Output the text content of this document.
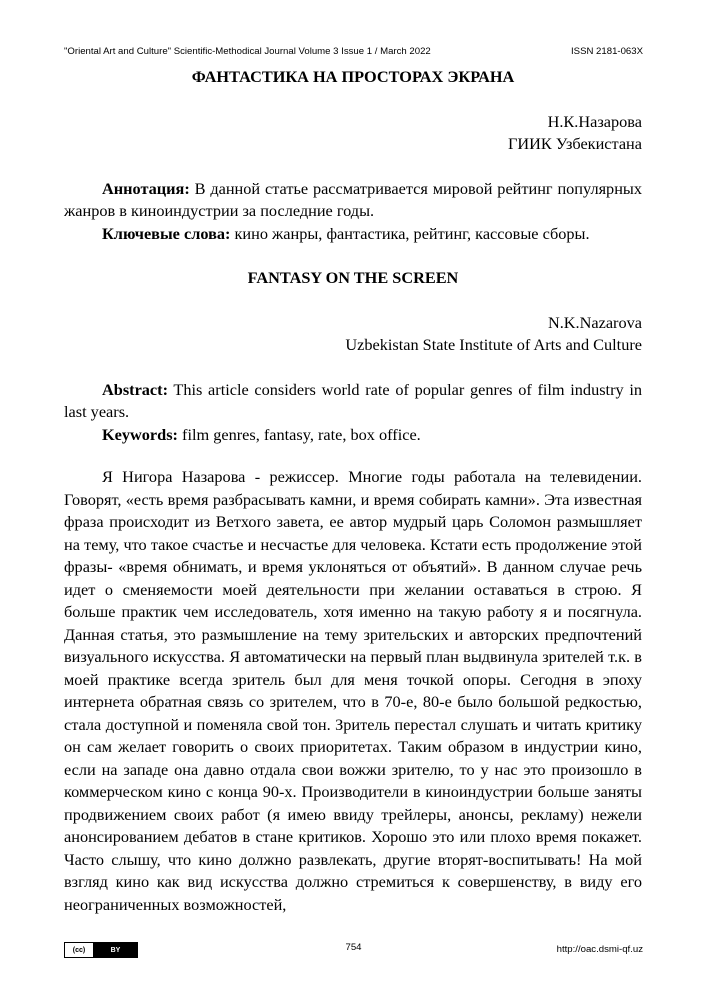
"Oriental Art and Culture" Scientific-Methodical Journal Volume 3 Issue 1 / March 2022	ISSN 2181-063X

ФАНТАСТИКА НА ПРОСТОРАХ ЭКРАНА

Н.К.Назарова

ГИИК Узбекистана

Аннотация: В данной статье рассматривается мировой рейтинг популярных жанров в киноиндустрии за последние годы.

Ключевые слова: кино жанры, фантастика, рейтинг, кассовые сборы.

FANTASY ON THE SCREEN

N.K.Nazarova

Uzbekistan State Institute of Arts and Culture

Abstract: This article considers world rate of popular genres of film industry in last years.

Keywords: film genres, fantasy, rate, box office.

Я Нигора Назарова - режиссер. Многие годы работала на телевидении. Говорят, «есть время разбрасывать камни, и время собирать камни». Эта известная фраза происходит из Ветхого завета, ее автор мудрый царь Соломон размышляет на тему, что такое счастье и несчастье для человека. Кстати есть продолжение этой фразы- «время обнимать, и время уклоняться от объятий». В данном случае речь идет о сменяемости моей деятельности при желании оставаться в строю. Я больше практик чем исследователь, хотя именно на такую работу я и посягнула. Данная статья, это размышление на тему зрительских и авторских предпочтений визуального искусства. Я автоматически на первый план выдвинула зрителей т.к. в моей практике всегда зритель был для меня точкой опоры. Сегодня в эпоху интернета обратная связь со зрителем, что в 70-е, 80-е было большой редкостью, стала доступной и поменяла свой тон. Зритель перестал слушать и читать критику он сам желает говорить о своих приоритетах. Таким образом в индустрии кино, если на западе она давно отдала свои вожжи зрителю, то у нас это произошло в коммерческом кино с конца 90-х. Производители в киноиндустрии больше заняты продвижением своих работ (я имею ввиду трейлеры, анонсы, рекламу) нежели анонсированием дебатов в стане критиков. Хорошо это или плохо время покажет. Часто слышу, что кино должно развлекать, другие вторят-воспитывать! На мой взгляд кино как вид искусства должно стремиться к совершенству, в виду его неограниченных возможностей,

(cc)	BY	754	http://oac.dsmi-qf.uz
